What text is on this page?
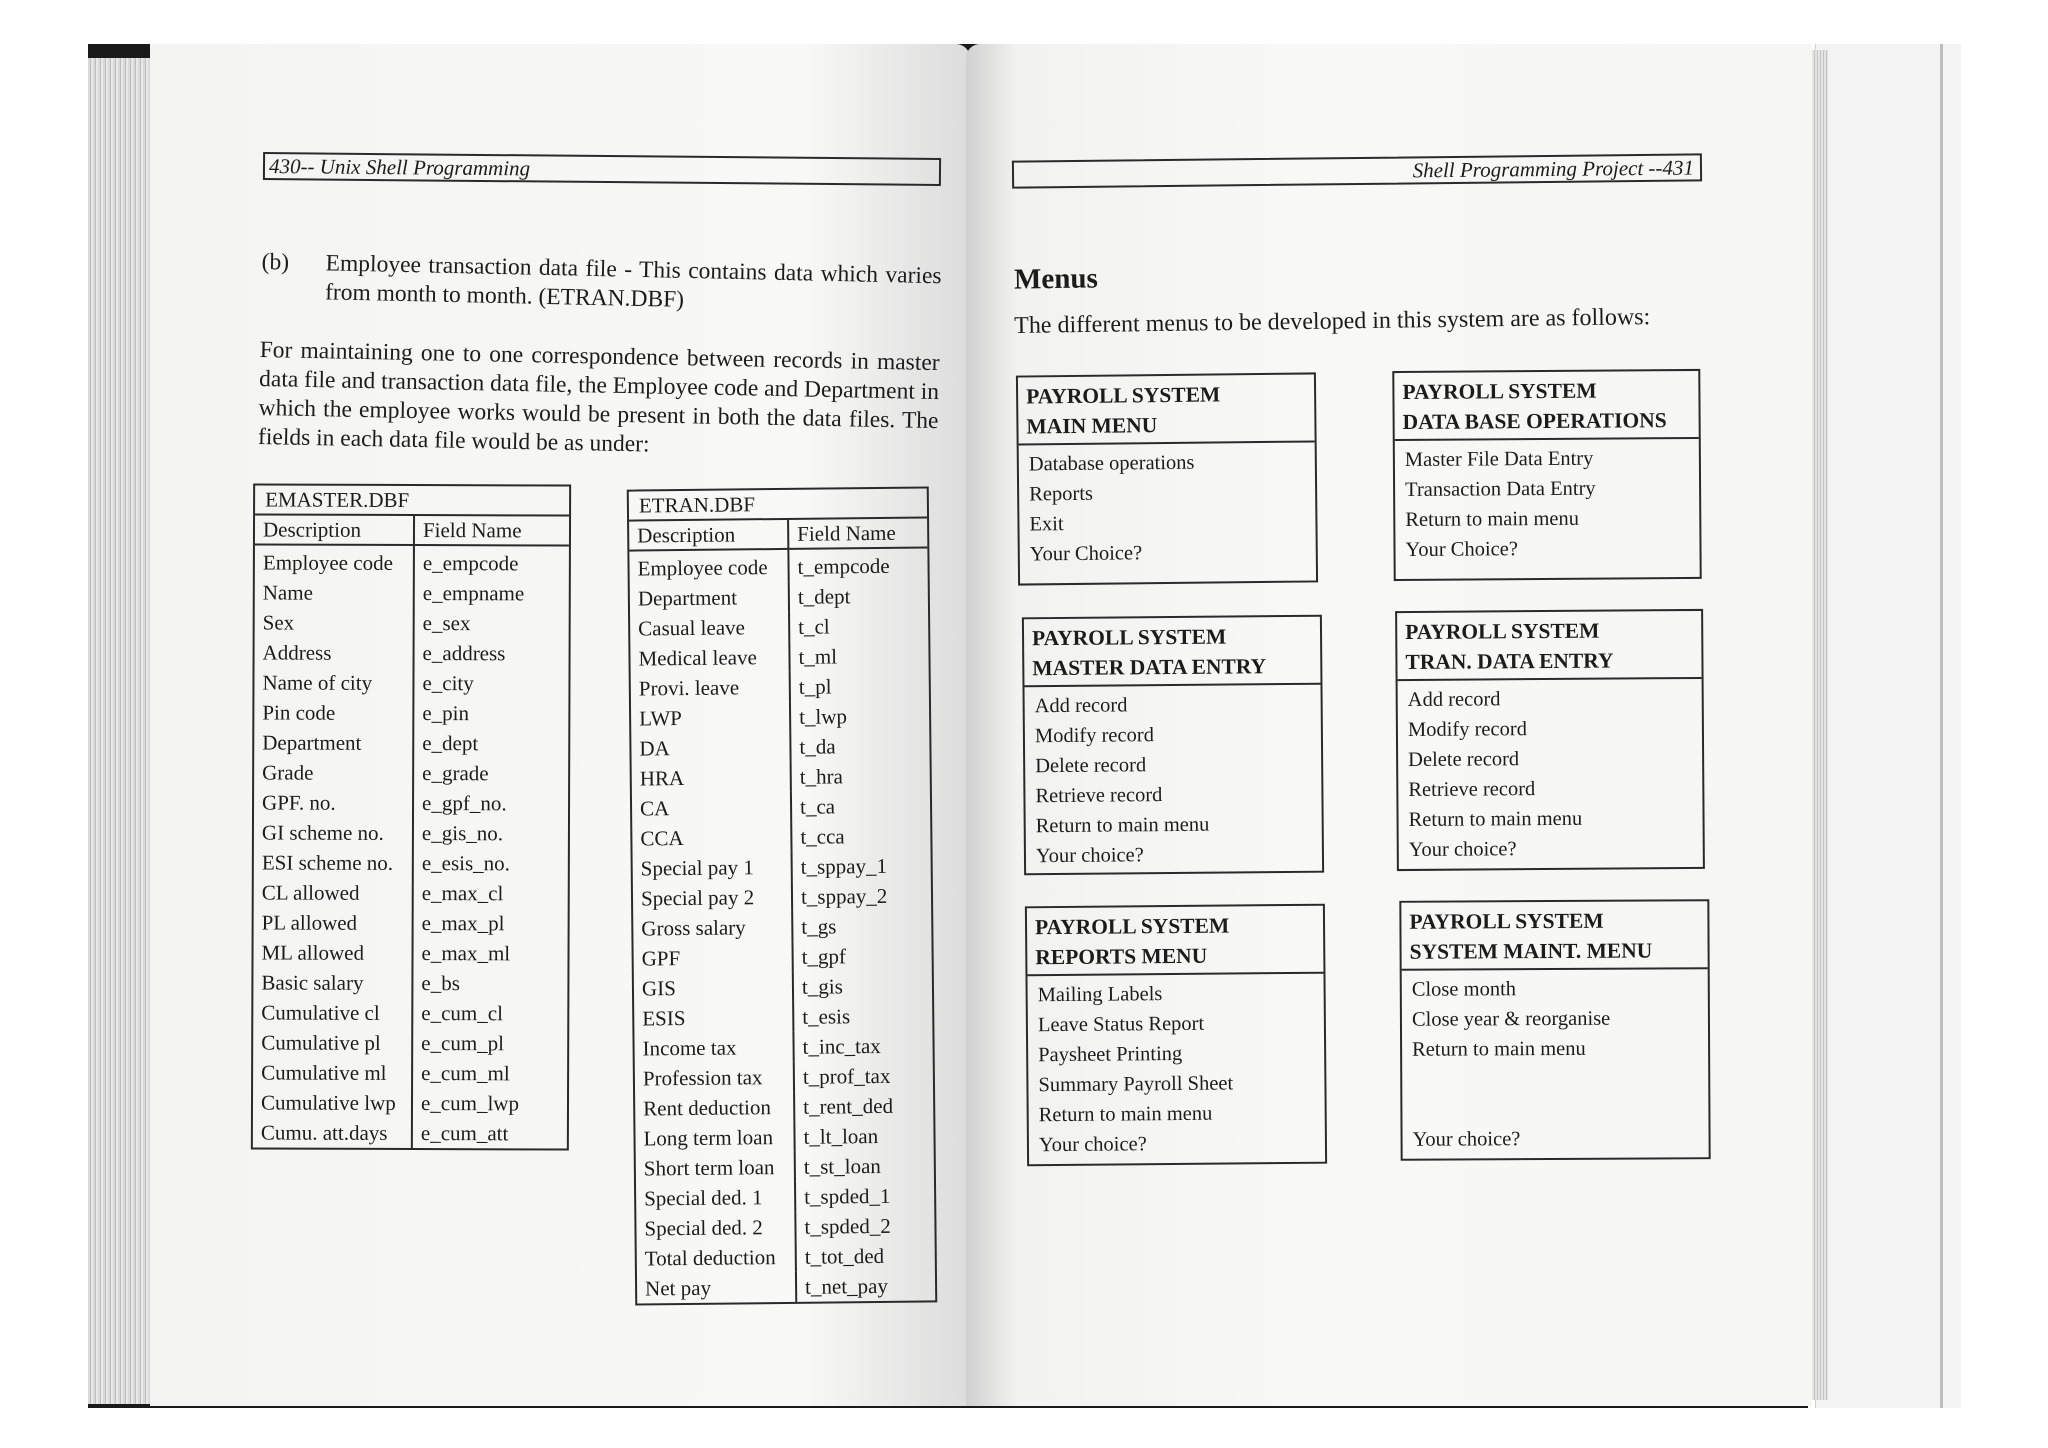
430-- Unix Shell Programming
(b) Employee transaction data file - This contains data which varies from month to month. (ETRAN.DBF)
For maintaining one to one correspondence between records in master data file and transaction data file, the Employee code and Department in which the employee works would be present in both the data files. The fields in each data file would be as under:
EMASTER.DBF
Description	Field Name
Employee code	e_empcode
Name	e_empname
Sex	e_sex
Address	e_address
Name of city	e_city
Pin code	e_pin
Department	e_dept
Grade	e_grade
GPF. no.	e_gpf_no.
GI scheme no.	e_gis_no.
ESI scheme no.	e_esis_no.
CL allowed	e_max_cl
PL allowed	e_max_pl
ML allowed	e_max_ml
Basic salary	e_bs
Cumulative cl	e_cum_cl
Cumulative pl	e_cum_pl
Cumulative ml	e_cum_ml
Cumulative lwp	e_cum_lwp
Cumu. att.days	e_cum_att
ETRAN.DBF
Description	Field Name
Employee code	t_empcode
Department	t_dept
Casual leave	t_cl
Medical leave	t_ml
Provi. leave	t_pl
LWP	t_lwp
DA	t_da
HRA	t_hra
CA	t_ca
CCA	t_cca
Special pay 1	t_sppay_1
Special pay 2	t_sppay_2
Gross salary	t_gs
GPF	t_gpf
GIS	t_gis
ESIS	t_esis
Income tax	t_inc_tax
Profession tax	t_prof_tax
Rent deduction	t_rent_ded
Long term loan	t_lt_loan
Short term loan	t_st_loan
Special ded. 1	t_spded_1
Special ded. 2	t_spded_2
Total deduction	t_tot_ded
Net pay	t_net_pay
Shell Programming Project --431
Menus
The different menus to be developed in this system are as follows:
PAYROLL SYSTEM
MAIN MENU
Database operations
Reports
Exit
Your Choice?
PAYROLL SYSTEM
DATA BASE OPERATIONS
Master File Data Entry
Transaction Data Entry
Return to main menu
Your Choice?
PAYROLL SYSTEM
MASTER DATA ENTRY
Add record
Modify record
Delete record
Retrieve record
Return to main menu
Your choice?
PAYROLL SYSTEM
TRAN. DATA ENTRY
Add record
Modify record
Delete record
Retrieve record
Return to main menu
Your choice?
PAYROLL SYSTEM
REPORTS MENU
Mailing Labels
Leave Status Report
Paysheet Printing
Summary Payroll Sheet
Return to main menu
Your choice?
PAYROLL SYSTEM
SYSTEM MAINT. MENU
Close month
Close year & reorganise
Return to main menu
Your choice?
